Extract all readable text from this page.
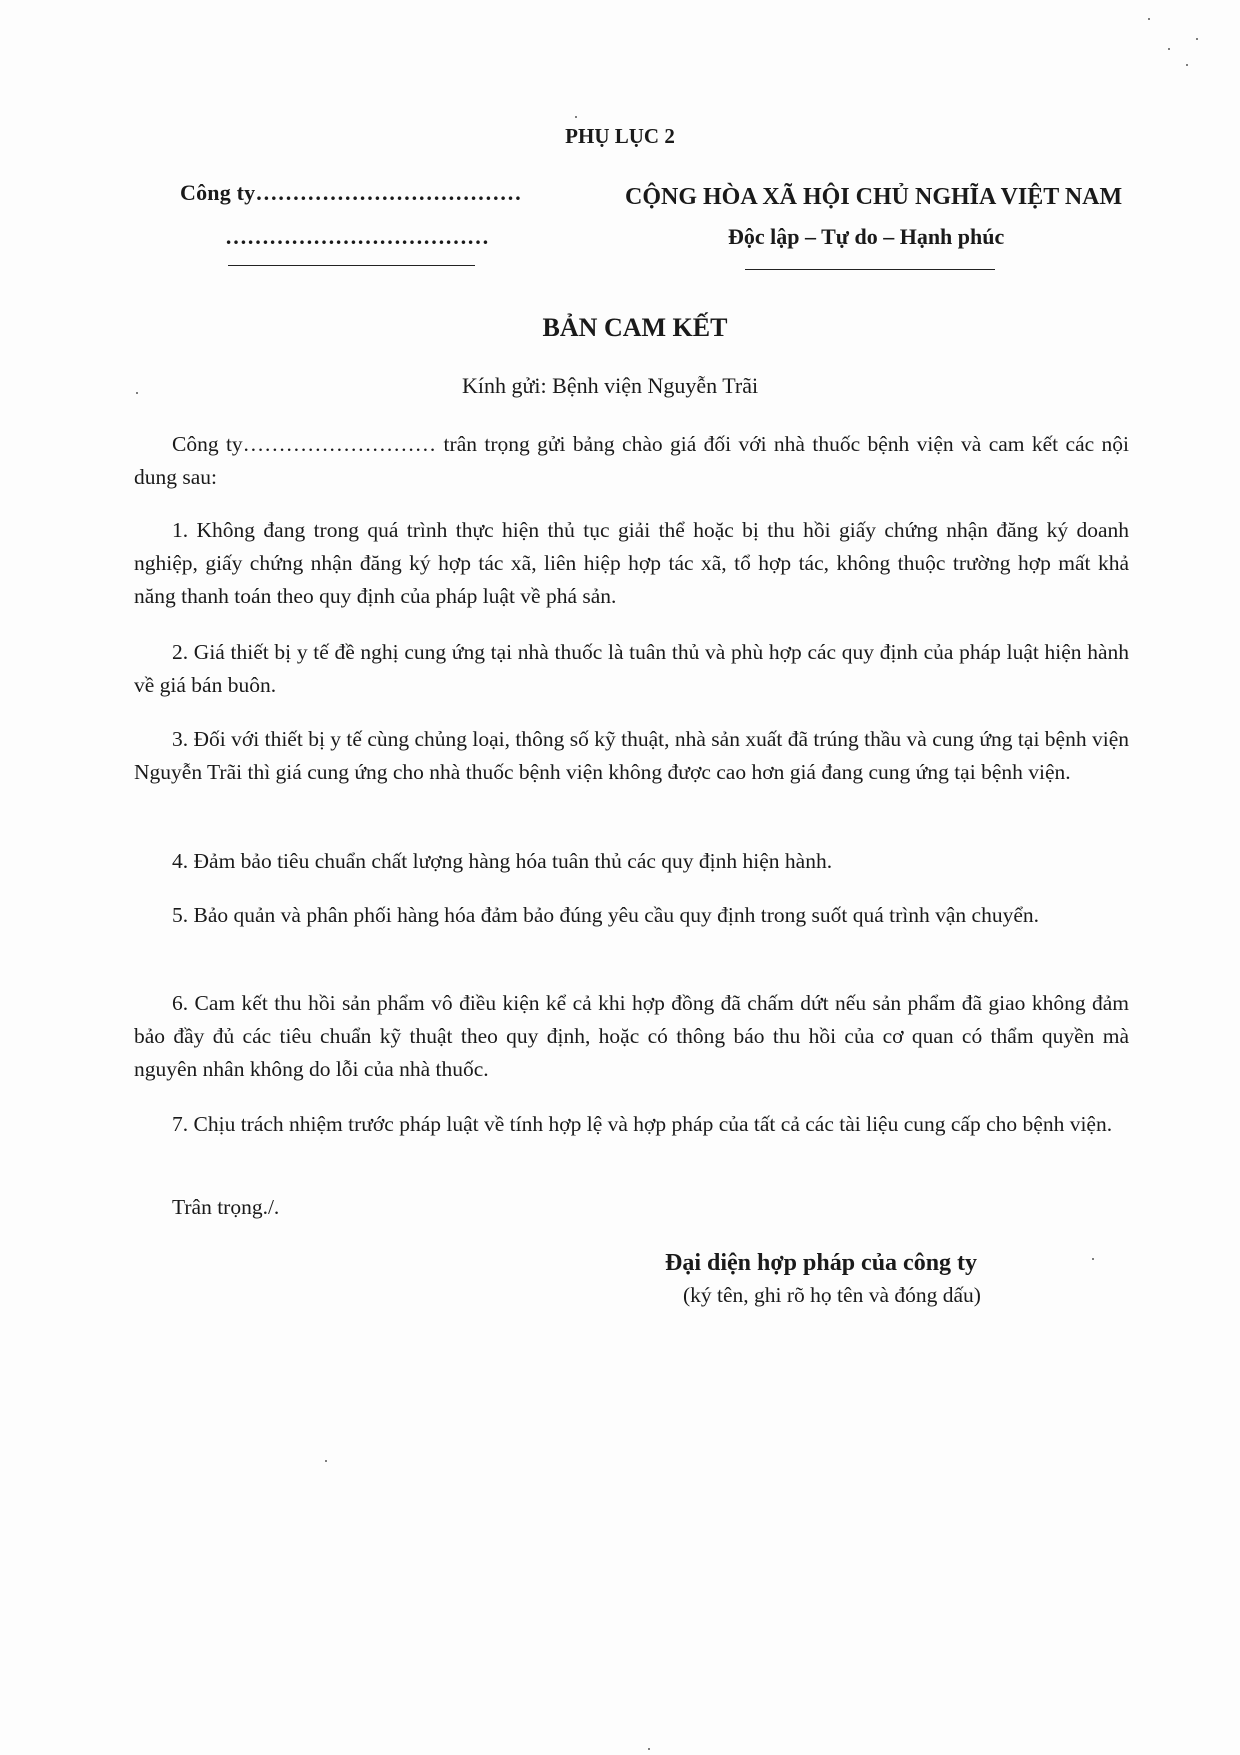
PHỤ LỤC 2
Công ty………………………………
………………………………
CỘNG HÒA XÃ HỘI CHỦ NGHĨA VIỆT NAM
Độc lập – Tự do – Hạnh phúc
BẢN CAM KẾT
Kính gửi: Bệnh viện Nguyễn Trãi
Công ty……………………… trân trọng gửi bảng chào giá đối với nhà thuốc bệnh viện và cam kết các nội dung sau:
1. Không đang trong quá trình thực hiện thủ tục giải thể hoặc bị thu hồi giấy chứng nhận đăng ký doanh nghiệp, giấy chứng nhận đăng ký hợp tác xã, liên hiệp hợp tác xã, tổ hợp tác, không thuộc trường hợp mất khả năng thanh toán theo quy định của pháp luật về phá sản.
2. Giá thiết bị y tế đề nghị cung ứng tại nhà thuốc là tuân thủ và phù hợp các quy định của pháp luật hiện hành về giá bán buôn.
3. Đối với thiết bị y tế cùng chủng loại, thông số kỹ thuật, nhà sản xuất đã trúng thầu và cung ứng tại bệnh viện Nguyễn Trãi thì giá cung ứng cho nhà thuốc bệnh viện không được cao hơn giá đang cung ứng tại bệnh viện.
4. Đảm bảo tiêu chuẩn chất lượng hàng hóa tuân thủ các quy định hiện hành.
5. Bảo quản và phân phối hàng hóa đảm bảo đúng yêu cầu quy định trong suốt quá trình vận chuyển.
6. Cam kết thu hồi sản phẩm vô điều kiện kể cả khi hợp đồng đã chấm dứt nếu sản phẩm đã giao không đảm bảo đầy đủ các tiêu chuẩn kỹ thuật theo quy định, hoặc có thông báo thu hồi của cơ quan có thẩm quyền mà nguyên nhân không do lỗi của nhà thuốc.
7. Chịu trách nhiệm trước pháp luật về tính hợp lệ và hợp pháp của tất cả các tài liệu cung cấp cho bệnh viện.
Trân trọng./.
Đại diện hợp pháp của công ty
(ký tên, ghi rõ họ tên và đóng dấu)
